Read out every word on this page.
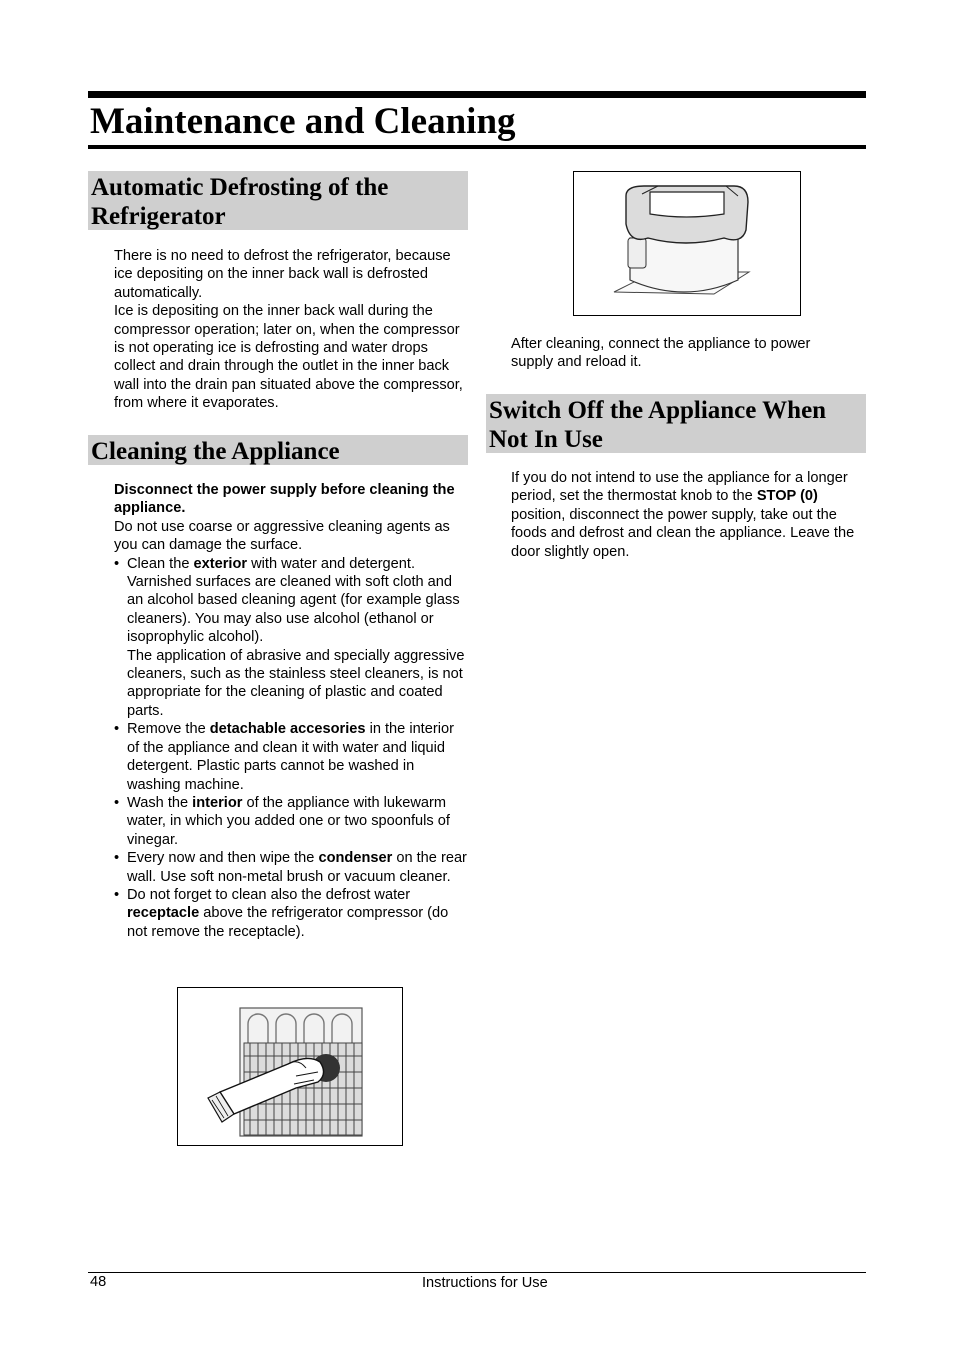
Maintenance and Cleaning
Automatic Defrosting of the Refrigerator

There is no need to defrost the refrigerator, because ice depositing on the inner back wall is defrosted automatically.

Ice is depositing on the inner back wall during the compressor operation; later on, when the compressor is not operating ice is defrosting and water drops collect and drain through the outlet in the inner back wall into the drain pan situated above the compressor, from where it evaporates.

Cleaning the Appliance

Disconnect the power supply before cleaning the appliance.

Do not use coarse or aggressive cleaning agents as you can damage the surface.

• Clean the exterior with water and detergent. Varnished surfaces are cleaned with soft cloth and an alcohol based cleaning agent (for example glass cleaners). You may also use alcohol (ethanol or isoprophylic alcohol).
The application of abrasive and specially aggressive cleaners, such as the stainless steel cleaners, is not appropriate for the cleaning of plastic and coated parts.
• Remove the detachable accesories in the interior of the appliance and clean it with water and liquid detergent. Plastic parts cannot be washed in washing machine.
• Wash the interior of the appliance with lukewarm water, in which you added one or two spoonfuls of vinegar.
• Every now and then wipe the condenser on the rear wall. Use soft non-metal brush or vacuum cleaner.
• Do not forget to clean also the defrost water receptacle above the refrigerator compressor (do not remove the receptacle).
After cleaning, connect the appliance to power supply and reload it.
Switch Off the Appliance When Not In Use
If you do not intend to use the appliance for a longer period, set the thermostat knob to the STOP (0) position, disconnect the power supply, take out the foods and defrost and clean the appliance. Leave the door slightly open.
48	Instructions for Use
